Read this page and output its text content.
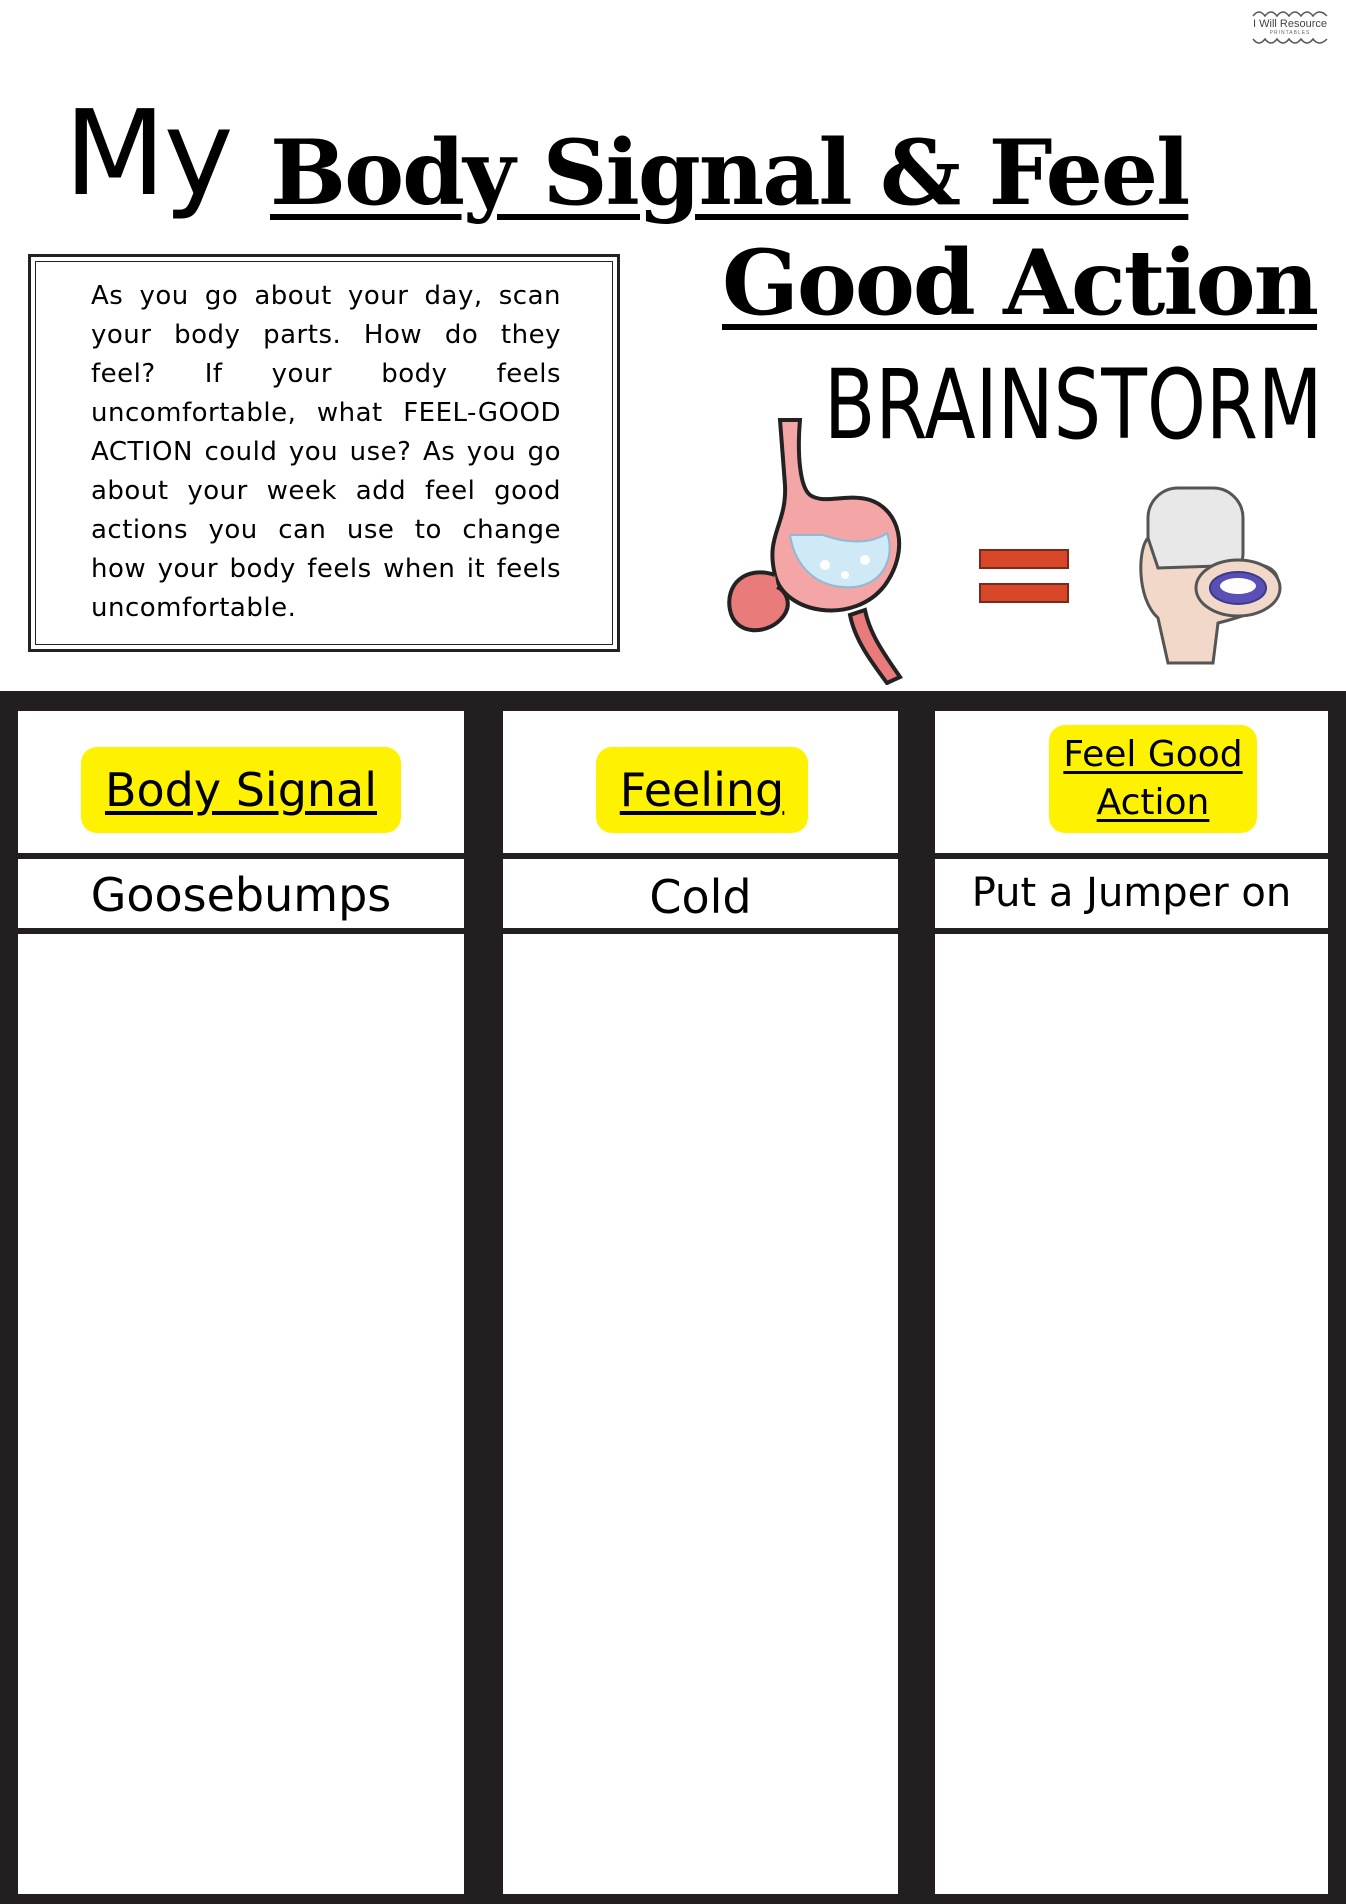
I Will Resource
PRINTABLES
My Body Signal & Feel
Good Action
BRAINSTORM

As you go about your day, scan your body parts. How do they feel? If your body feels uncomfortable, what FEEL-GOOD ACTION could you use? As you go about your week add feel good actions you can use to change how your body feels when it feels uncomfortable.

Body Signal
Goosebumps
Feeling
Cold
Feel Good Action
Put a Jumper on
